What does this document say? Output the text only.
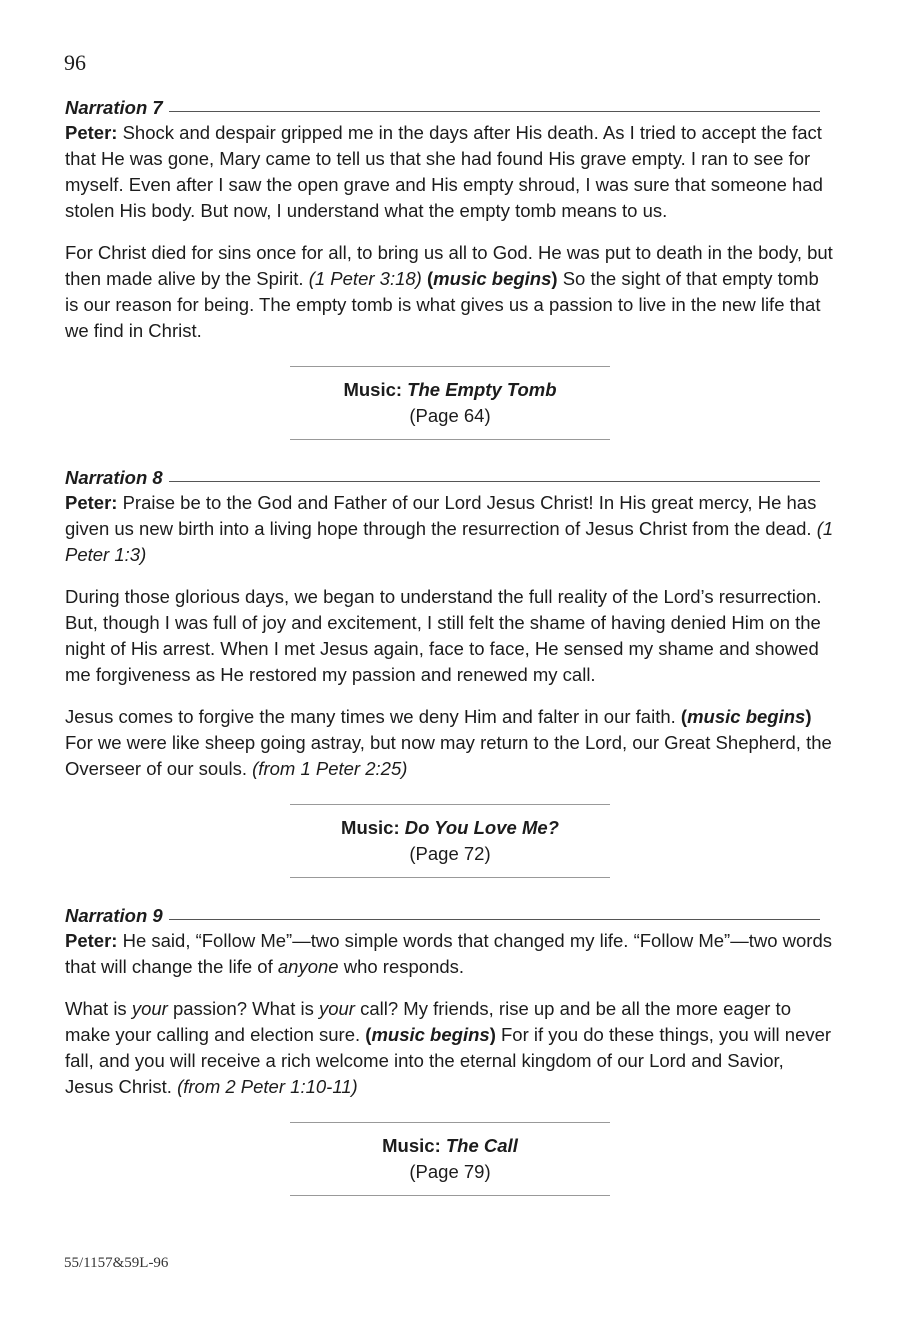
96
Narration 7

Peter: Shock and despair gripped me in the days after His death. As I tried to accept the fact that He was gone, Mary came to tell us that she had found His grave empty. I ran to see for myself. Even after I saw the open grave and His empty shroud, I was sure that someone had stolen His body. But now, I understand what the empty tomb means to us.

For Christ died for sins once for all, to bring us all to God. He was put to death in the body, but then made alive by the Spirit. (1 Peter 3:18) (music begins) So the sight of that empty tomb is our reason for being. The empty tomb is what gives us a passion to live in the new life that we find in Christ.

Music: The Empty Tomb
(Page 64)
Narration 8

Peter: Praise be to the God and Father of our Lord Jesus Christ! In His great mercy, He has given us new birth into a living hope through the resurrection of Jesus Christ from the dead. (1 Peter 1:3)

During those glorious days, we began to understand the full reality of the Lord’s resurrection. But, though I was full of joy and excitement, I still felt the shame of having denied Him on the night of His arrest. When I met Jesus again, face to face, He sensed my shame and showed me forgiveness as He restored my passion and renewed my call.

Jesus comes to forgive the many times we deny Him and falter in our faith. (music begins) For we were like sheep going astray, but now may return to the Lord, our Great Shepherd, the Overseer of our souls. (from 1 Peter 2:25)

Music: Do You Love Me?
(Page 72)
Narration 9

Peter: He said, “Follow Me”—two simple words that changed my life. “Follow Me”—two words that will change the life of anyone who responds.

What is your passion? What is your call? My friends, rise up and be all the more eager to make your calling and election sure. (music begins) For if you do these things, you will never fall, and you will receive a rich welcome into the eternal kingdom of our Lord and Savior, Jesus Christ. (from 2 Peter 1:10-11)

Music: The Call
(Page 79)
55/1157&59L-96
